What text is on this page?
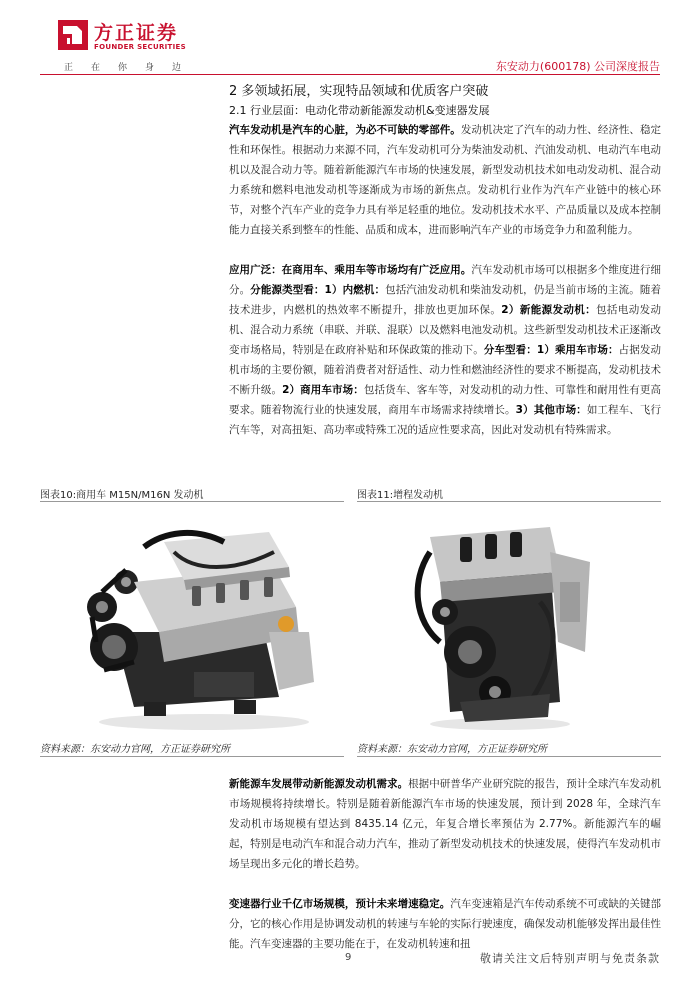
方正证券
FOUNDER SECURITIES
正在你身边	东安动力(600178) 公司深度报告
2 多领域拓展，实现特品领域和优质客户突破
2.1 行业层面：电动化带动新能源发动机&变速器发展
汽车发动机是汽车的心脏，为必不可缺的零部件。发动机决定了汽车的动力性、经济性、稳定性和环保性。根据动力来源不同，汽车发动机可分为柴油发动机、汽油发动机、电动汽车电动机以及混合动力等。随着新能源汽车市场的快速发展，新型发动机技术如电动发动机、混合动力系统和燃料电池发动机等逐渐成为市场的新焦点。发动机行业作为汽车产业链中的核心环节，对整个汽车产业的竞争力具有举足轻重的地位。发动机技术水平、产品质量以及成本控制能力直接关系到整车的性能、品质和成本，进而影响汽车产业的市场竞争力和盈利能力。
应用广泛：在商用车、乘用车等市场均有广泛应用。汽车发动机市场可以根据多个维度进行细分。分能源类型看：1）内燃机：包括汽油发动机和柴油发动机，仍是当前市场的主流。随着技术进步，内燃机的热效率不断提升，排放也更加环保。2）新能源发动机：包括电动发动机、混合动力系统（串联、并联、混联）以及燃料电池发动机。这些新型发动机技术正逐渐改变市场格局，特别是在政府补贴和环保政策的推动下。分车型看：1）乘用车市场：占据发动机市场的主要份额，随着消费者对舒适性、动力性和燃油经济性的要求不断提高，发动机技术不断升级。2）商用车市场：包括货车、客车等，对发动机的动力性、可靠性和耐用性有更高要求。随着物流行业的快速发展，商用车市场需求持续增长。3）其他市场：如工程车、飞行汽车等，对高扭矩、高功率或特殊工况的适应性要求高，因此对发动机有特殊需求。
图表10:商用车 M15N/M16N 发动机	图表11:增程发动机
资料来源：东安动力官网，方正证券研究所	资料来源：东安动力官网，方正证券研究所
新能源车发展带动新能源发动机需求。根据中研普华产业研究院的报告，预计全球汽车发动机市场规模将持续增长。特别是随着新能源汽车市场的快速发展，预计到 2028 年，全球汽车发动机市场规模有望达到 8435.14 亿元，年复合增长率预估为 2.77%。新能源汽车的崛起，特别是电动汽车和混合动力汽车，推动了新型发动机技术的快速发展，使得汽车发动机市场呈现出多元化的增长趋势。
变速器行业千亿市场规模，预计未来增速稳定。汽车变速箱是汽车传动系统不可或缺的关键部分，它的核心作用是协调发动机的转速与车轮的实际行驶速度，确保发动机能够发挥出最佳性能。汽车变速器的主要功能在于，在发动机转速和扭
9	敬请关注文后特别声明与免责条款
